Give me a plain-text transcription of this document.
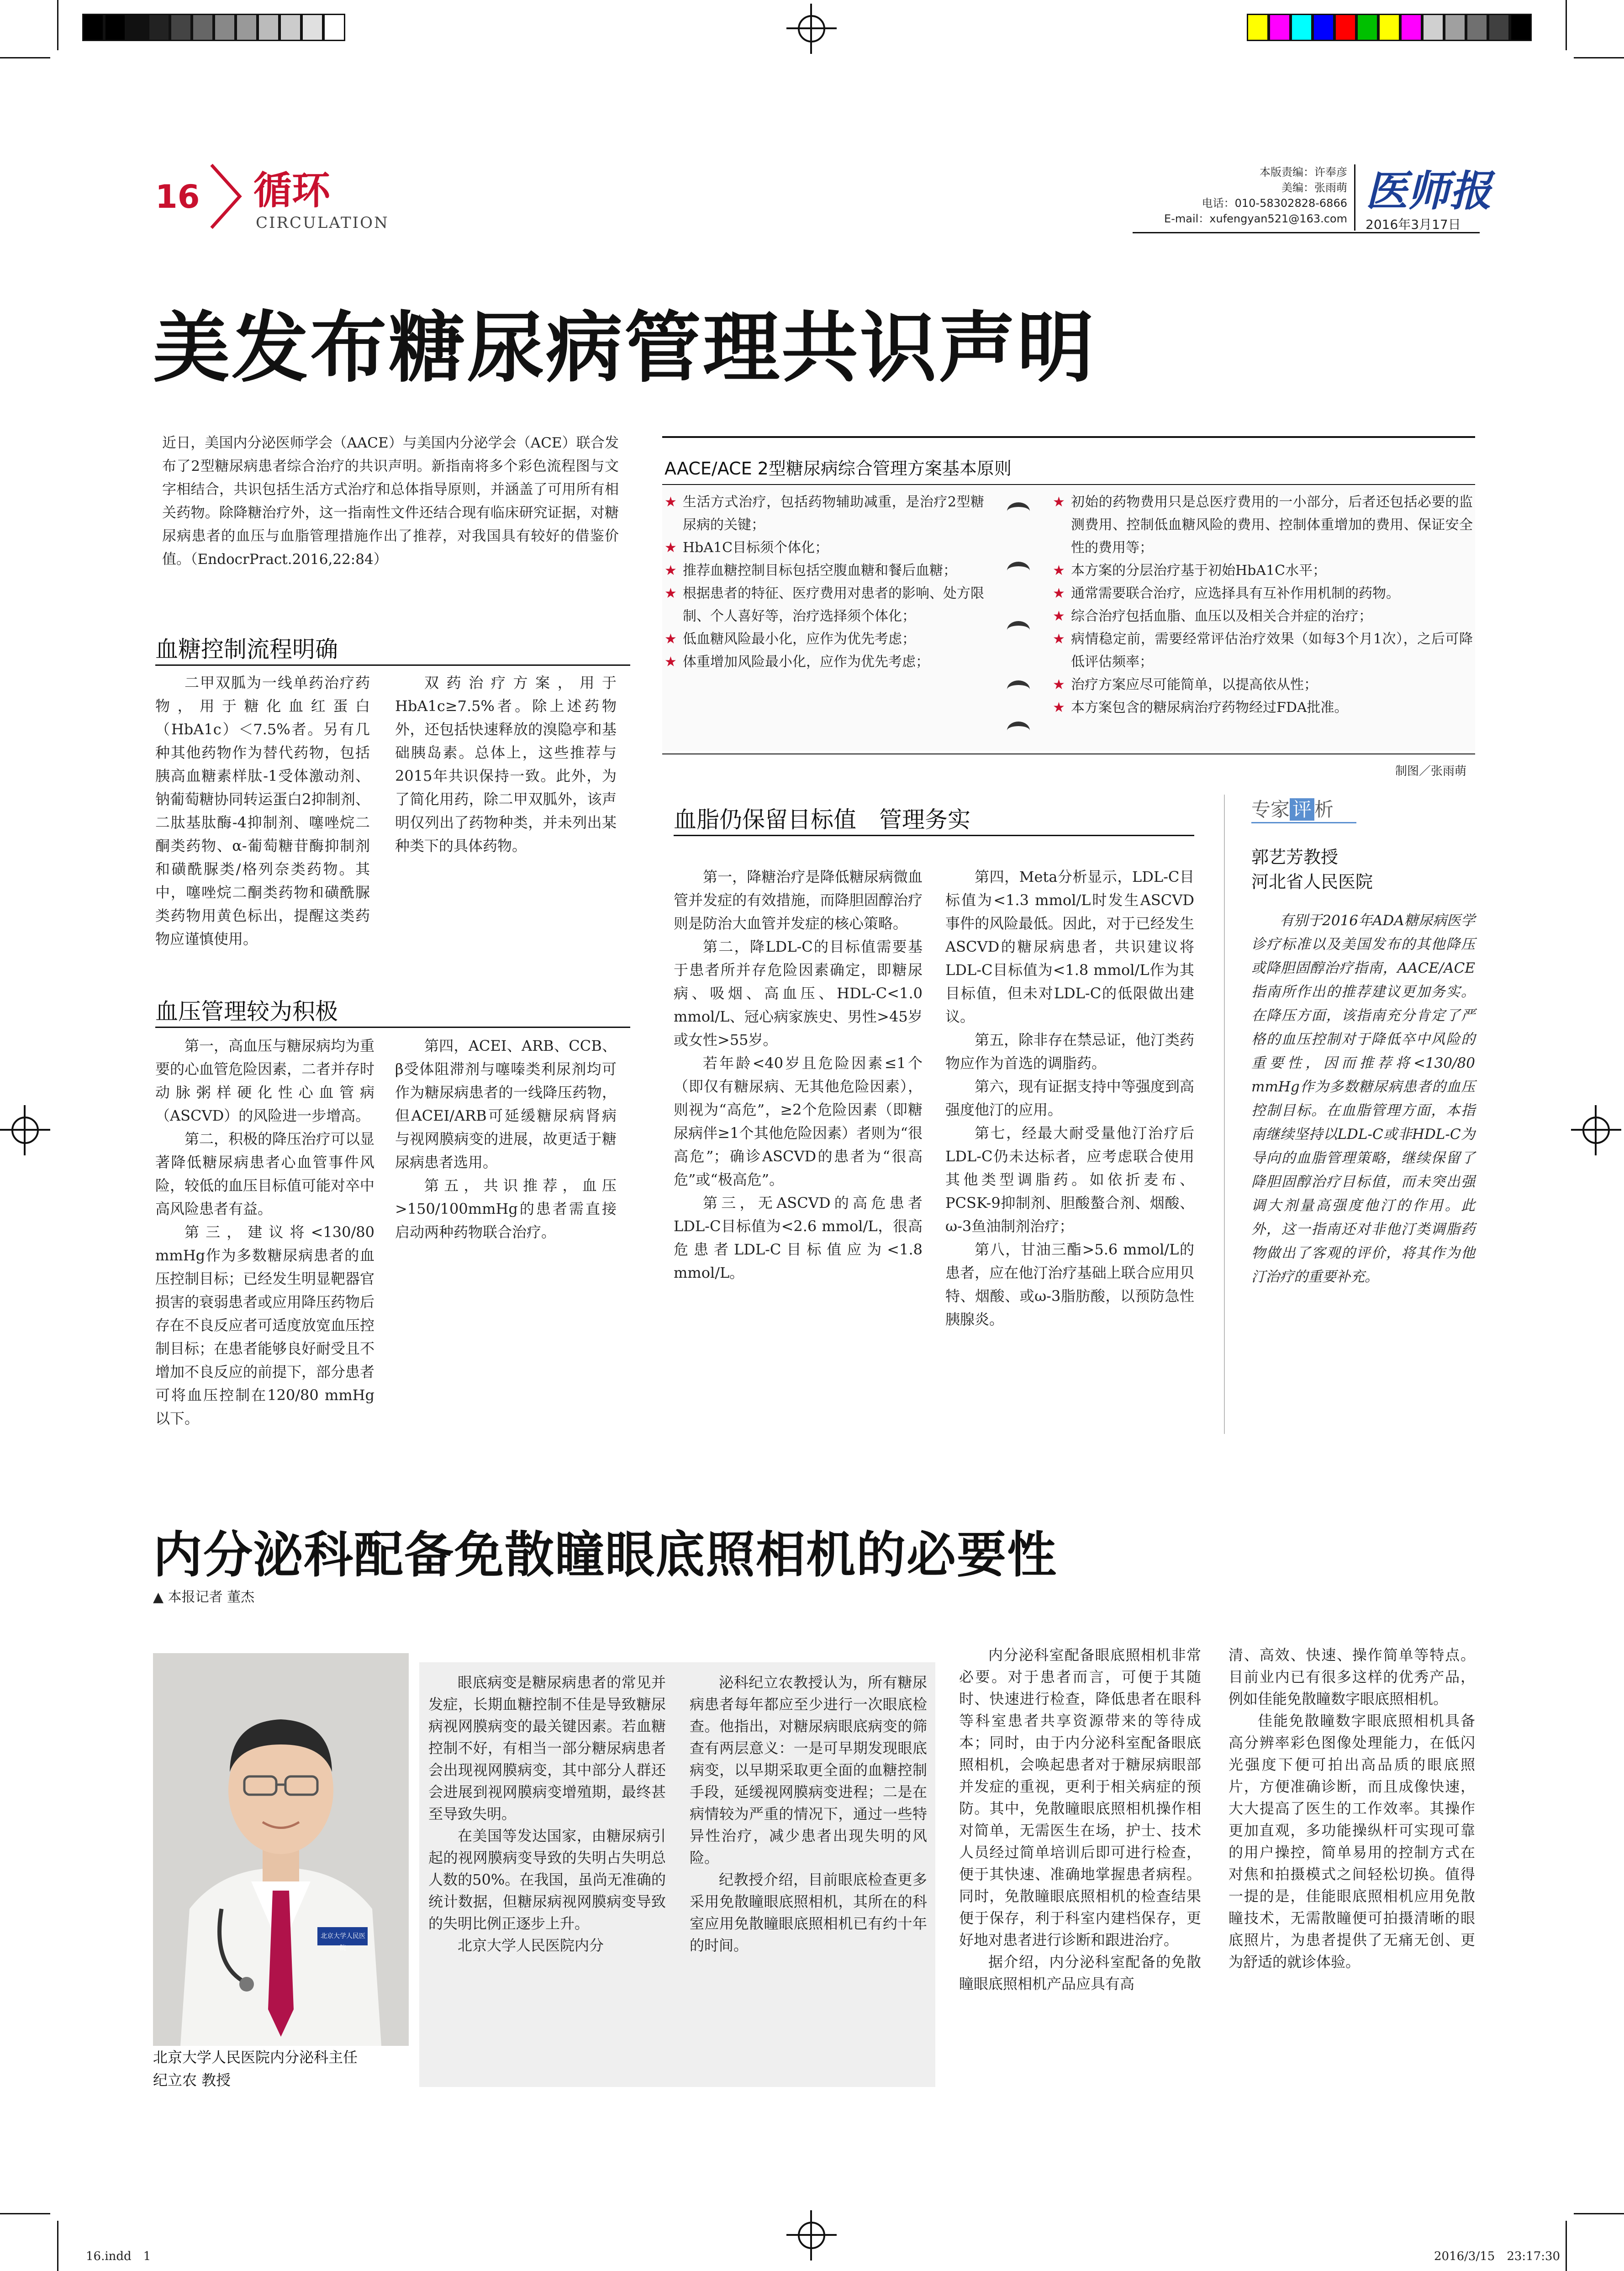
16 循环
CIRCULATION
本版责编：许奉彦
美编：张雨萌
电话：010-58302828-6866
E-mail：xufengyan521@163.com
医师报
2016年3月17日
美发布糖尿病管理共识声明
近日，美国内分泌医师学会（AACE）与美国内分泌学会（ACE）联合发布了2型糖尿病患者综合治疗的共识声明。新指南将多个彩色流程图与文字相结合，共识包括生活方式治疗和总体指导原则，并涵盖了可用所有相关药物。除降糖治疗外，这一指南性文件还结合现有临床研究证据，对糖尿病患者的血压与血脂管理措施作出了推荐，对我国具有较好的借鉴价值。（EndocrPract.2016,22:84）
血糖控制流程明确

二甲双胍为一线单药治疗药物，用于糖化血红蛋白（HbA1c）＜7.5%者。另有几种其他药物作为替代药物，包括胰高血糖素样肽-1受体激动剂、钠葡萄糖协同转运蛋白2抑制剂、二肽基肽酶-4抑制剂、噻唑烷二酮类药物、α-葡萄糖苷酶抑制剂和磺酰脲类/格列奈类药物。其中，噻唑烷二酮类药物和磺酰脲类药物用黄色标出，提醒这类药物应谨慎使用。

双药治疗方案，用于HbA1c≥7.5%者。除上述药物外，还包括快速释放的溴隐亭和基础胰岛素。总体上，这些推荐与2015年共识保持一致。此外，为了简化用药，除二甲双胍外，该声明仅列出了药物种类，并未列出某种类下的具体药物。

血压管理较为积极

第一，高血压与糖尿病均为重要的心血管危险因素，二者并存时动脉粥样硬化性心血管病（ASCVD）的风险进一步增高。

第二，积极的降压治疗可以显著降低糖尿病患者心血管事件风险，较低的血压目标值可能对卒中高风险患者有益。

第三，建议将<130/80 mmHg作为多数糖尿病患者的血压控制目标；已经发生明显靶器官损害的衰弱患者或应用降压药物后存在不良反应者可适度放宽血压控制目标；在患者能够良好耐受且不增加不良反应的前提下，部分患者可将血压控制在120/80 mmHg以下。

第四，ACEI、ARB、CCB、β受体阻滞剂与噻嗪类利尿剂均可作为糖尿病患者的一线降压药物，但ACEI/ARB可延缓糖尿病肾病与视网膜病变的进展，故更适于糖尿病患者选用。

第五，共识推荐，血压>150/100mmHg的患者需直接启动两种药物联合治疗。

AACE/ACE 2型糖尿病综合管理方案基本原则
★ 生活方式治疗，包括药物辅助减重，是治疗2型糖尿病的关键；
★ HbA1C目标须个体化；
★ 推荐血糖控制目标包括空腹血糖和餐后血糖；
★ 根据患者的特征、医疗费用对患者的影响、处方限制、个人喜好等，治疗选择须个体化；
★ 低血糖风险最小化，应作为优先考虑；
★ 体重增加风险最小化，应作为优先考虑；
★ 初始的药物费用只是总医疗费用的一小部分，后者还包括必要的监测费用、控制低血糖风险的费用、控制体重增加的费用、保证安全性的费用等；
★ 本方案的分层治疗基于初始HbA1C水平；
★ 通常需要联合治疗，应选择具有互补作用机制的药物。
★ 综合治疗包括血脂、血压以及相关合并症的治疗；
★ 病情稳定前，需要经常评估治疗效果（如每3个月1次），之后可降低评估频率；
★ 治疗方案应尽可能简单，以提高依从性；
★ 本方案包含的糖尿病治疗药物经过FDA批准。
制图／张雨萌
血脂仍保留目标值　管理务实

第一，降糖治疗是降低糖尿病微血管并发症的有效措施，而降胆固醇治疗则是防治大血管并发症的核心策略。

第二，降LDL-C的目标值需要基于患者所并存危险因素确定，即糖尿病、吸烟、高血压、HDL-C<1.0 mmol/L、冠心病家族史、男性>45岁或女性>55岁。

若年龄<40岁且危险因素≤1个（即仅有糖尿病、无其他危险因素），则视为“高危”，≥2个危险因素（即糖尿病伴≥1个其他危险因素）者则为“很高危”；确诊ASCVD的患者为“很高危”或“极高危”。

第三，无ASCVD的高危患者LDL-C目标值为<2.6 mmol/L，很高危患者LDL-C目标值应为<1.8 mmol/L。

第四，Meta分析显示，LDL-C目标值为<1.3 mmol/L时发生ASCVD事件的风险最低。因此，对于已经发生ASCVD的糖尿病患者，共识建议将LDL-C目标值为<1.8 mmol/L作为其目标值，但未对LDL-C的低限做出建议。

第五，除非存在禁忌证，他汀类药物应作为首选的调脂药。

第六，现有证据支持中等强度到高强度他汀的应用。

第七，经最大耐受量他汀治疗后LDL-C仍未达标者，应考虑联合使用其他类型调脂药。如依折麦布、PCSK-9抑制剂、胆酸螯合剂、烟酸、ω-3鱼油制剂治疗；

第八，甘油三酯>5.6 mmol/L的患者，应在他汀治疗基础上联合应用贝特、烟酸、或ω-3脂肪酸，以预防急性胰腺炎。

专家 评 析
郭艺芳教授
河北省人民医院

有别于2016年ADA糖尿病医学诊疗标准以及美国发布的其他降压或降胆固醇治疗指南，AACE/ACE指南所作出的推荐建议更加务实。在降压方面，该指南充分肯定了严格的血压控制对于降低卒中风险的重要性，因而推荐将<130/80 mmHg作为多数糖尿病患者的血压控制目标。在血脂管理方面，本指南继续坚持以LDL-C或非HDL-C为导向的血脂管理策略，继续保留了降胆固醇治疗目标值，而未突出强调大剂量高强度他汀的作用。此外，这一指南还对非他汀类调脂药物做出了客观的评价，将其作为他汀治疗的重要补充。

内分泌科配备免散瞳眼底照相机的必要性
▲ 本报记者 董杰
北京大学人民医院
北京大学人民医院内分泌科主任
纪立农 教授

眼底病变是糖尿病患者的常见并发症，长期血糖控制不佳是导致糖尿病视网膜病变的最关键因素。若血糖控制不好，有相当一部分糖尿病患者会出现视网膜病变，其中部分人群还会进展到视网膜病变增殖期，最终甚至导致失明。

在美国等发达国家，由糖尿病引起的视网膜病变导致的失明占失明总人数的50%。在我国，虽尚无准确的统计数据，但糖尿病视网膜病变导致的失明比例正逐步上升。

北京大学人民医院内分

泌科纪立农教授认为，所有糖尿病患者每年都应至少进行一次眼底检查。他指出，对糖尿病眼底病变的筛查有两层意义：一是可早期发现眼底病变，以早期采取更全面的血糖控制手段，延缓视网膜病变进程；二是在病情较为严重的情况下，通过一些特异性治疗，减少患者出现失明的风险。

纪教授介绍，目前眼底检查更多采用免散瞳眼底照相机，其所在的科室应用免散瞳眼底照相机已有约十年的时间。

内分泌科室配备眼底照相机非常必要。对于患者而言，可便于其随时、快速进行检查，降低患者在眼科等科室患者共享资源带来的等待成本；同时，由于内分泌科室配备眼底照相机，会唤起患者对于糖尿病眼部并发症的重视，更利于相关病症的预防。其中，免散瞳眼底照相机操作相对简单，无需医生在场，护士、技术人员经过简单培训后即可进行检查，便于其快速、准确地掌握患者病程。同时，免散瞳眼底照相机的检查结果便于保存，利于科室内建档保存，更好地对患者进行诊断和跟进治疗。

据介绍，内分泌科室配备的免散瞳眼底照相机产品应具有高

清、高效、快速、操作简单等特点。目前业内已有很多这样的优秀产品，例如佳能免散瞳数字眼底照相机。

佳能免散瞳数字眼底照相机具备高分辨率彩色图像处理能力，在低闪光强度下便可拍出高品质的眼底照片，方便准确诊断，而且成像快速，大大提高了医生的工作效率。其操作更加直观，多功能操纵杆可实现可靠的用户操控，简单易用的控制方式在对焦和拍摄模式之间轻松切换。值得一提的是，佳能眼底照相机应用免散瞳技术，无需散瞳便可拍摄清晰的眼底照片，为患者提供了无痛无创、更为舒适的就诊体验。

16.indd　1	2016/3/15　23:17:30
